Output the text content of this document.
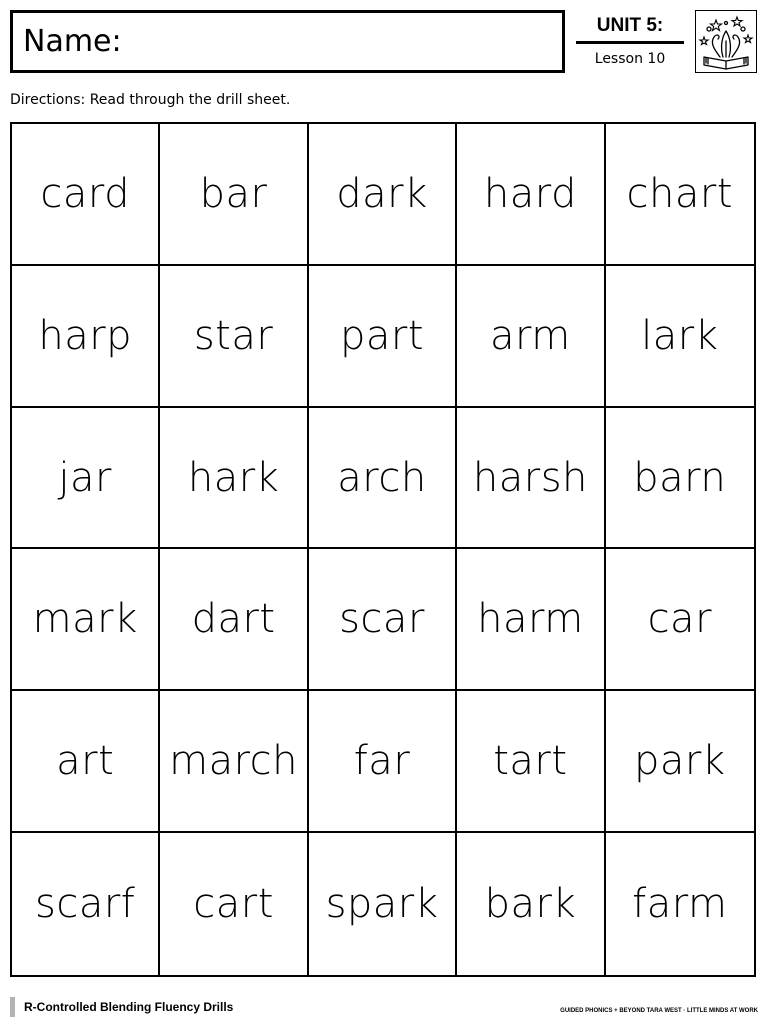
Name:	UNIT 5:
Lesson 10
Directions: Read through the drill sheet.
card bar dark hard chart
harp star part arm lark
jar hark arch harsh barn
mark dart scar harm car
art march far tart park
scarf cart spark bark farm
R-Controlled Blending Fluency Drills	GUIDED PHONICS + BEYOND TARA WEST · LITTLE MINDS AT WORK
